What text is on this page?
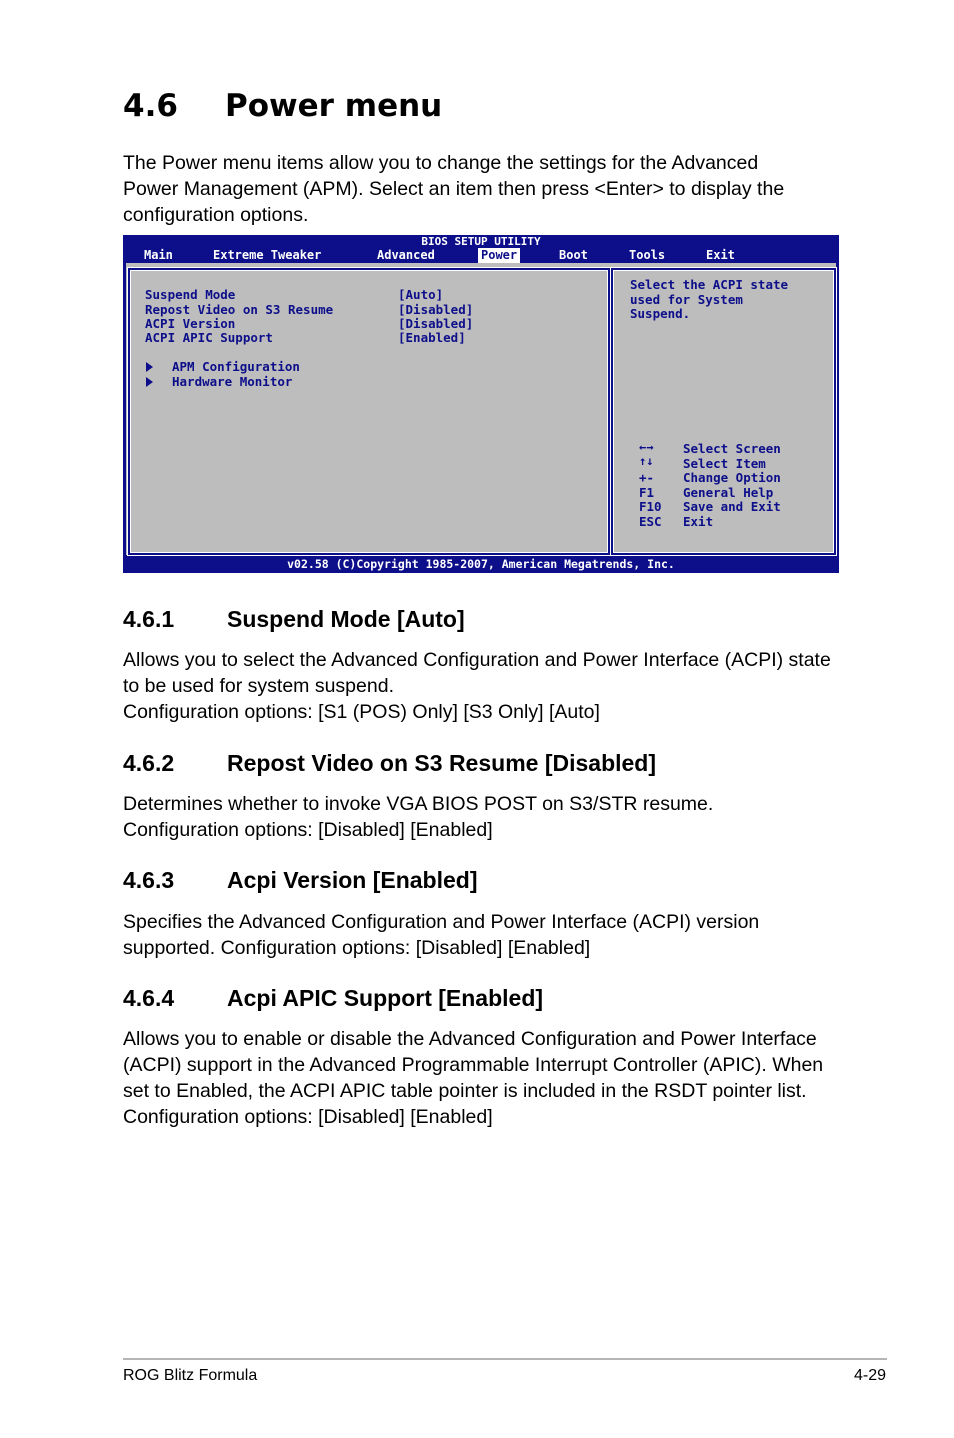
4.6 Power menu

The Power menu items allow you to change the settings for the Advanced
Power Management (APM). Select an item then press <Enter> to display the
configuration options.

BIOS SETUP UTILITY
Main	Extreme Tweaker	Advanced	Power	Boot	Tools	Exit
Suspend Mode	[Auto]
Repost Video on S3 Resume	[Disabled]
ACPI Version	[Disabled]
ACPI APIC Support	[Enabled]
APM Configuration
Hardware Monitor
Select the ACPI state
used for System
Suspend.
←→ Select Screen
↑↓ Select Item
+- Change Option
F1 General Help
F10 Save and Exit
ESC Exit
v02.58 (C)Copyright 1985-2007, American Megatrends, Inc.
4.6.1 Suspend Mode [Auto]

Allows you to select the Advanced Configuration and Power Interface (ACPI) state
to be used for system suspend.
Configuration options: [S1 (POS) Only] [S3 Only] [Auto]

4.6.2 Repost Video on S3 Resume [Disabled]

Determines whether to invoke VGA BIOS POST on S3/STR resume.
Configuration options: [Disabled] [Enabled]

4.6.3 Acpi Version [Enabled]

Specifies the Advanced Configuration and Power Interface (ACPI) version
supported. Configuration options: [Disabled] [Enabled]

4.6.4 Acpi APIC Support [Enabled]

Allows you to enable or disable the Advanced Configuration and Power Interface
(ACPI) support in the Advanced Programmable Interrupt Controller (APIC). When
set to Enabled, the ACPI APIC table pointer is included in the RSDT pointer list.
Configuration options: [Disabled] [Enabled]

ROG Blitz Formula	4-29
